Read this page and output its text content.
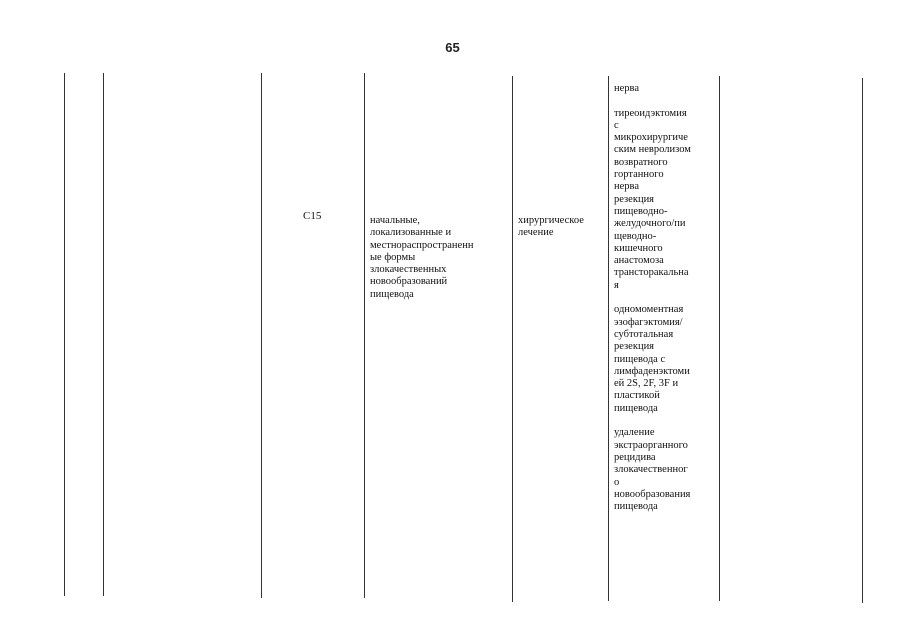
65

C15	начальные,

локализованные и

местнораспространенн

ые формы

злокачественных

новообразований

пищевода

хирургическое

лечение

нерва

тиреоидэктомия

с

микрохирургиче

ским невролизом

возвратного

гортанного

нерва

резекция

пищеводно-

желудочного/пи

щеводно-

кишечного

анастомоза

трансторакальна

я

одномоментная

эзофагэктомия/

субтотальная

резекция

пищевода с

лимфаденэктоми

ей 2S, 2F, 3F и

пластикой

пищевода

удаление

экстраорганного

рецидива

злокачественног

о

новообразования

пищевода
